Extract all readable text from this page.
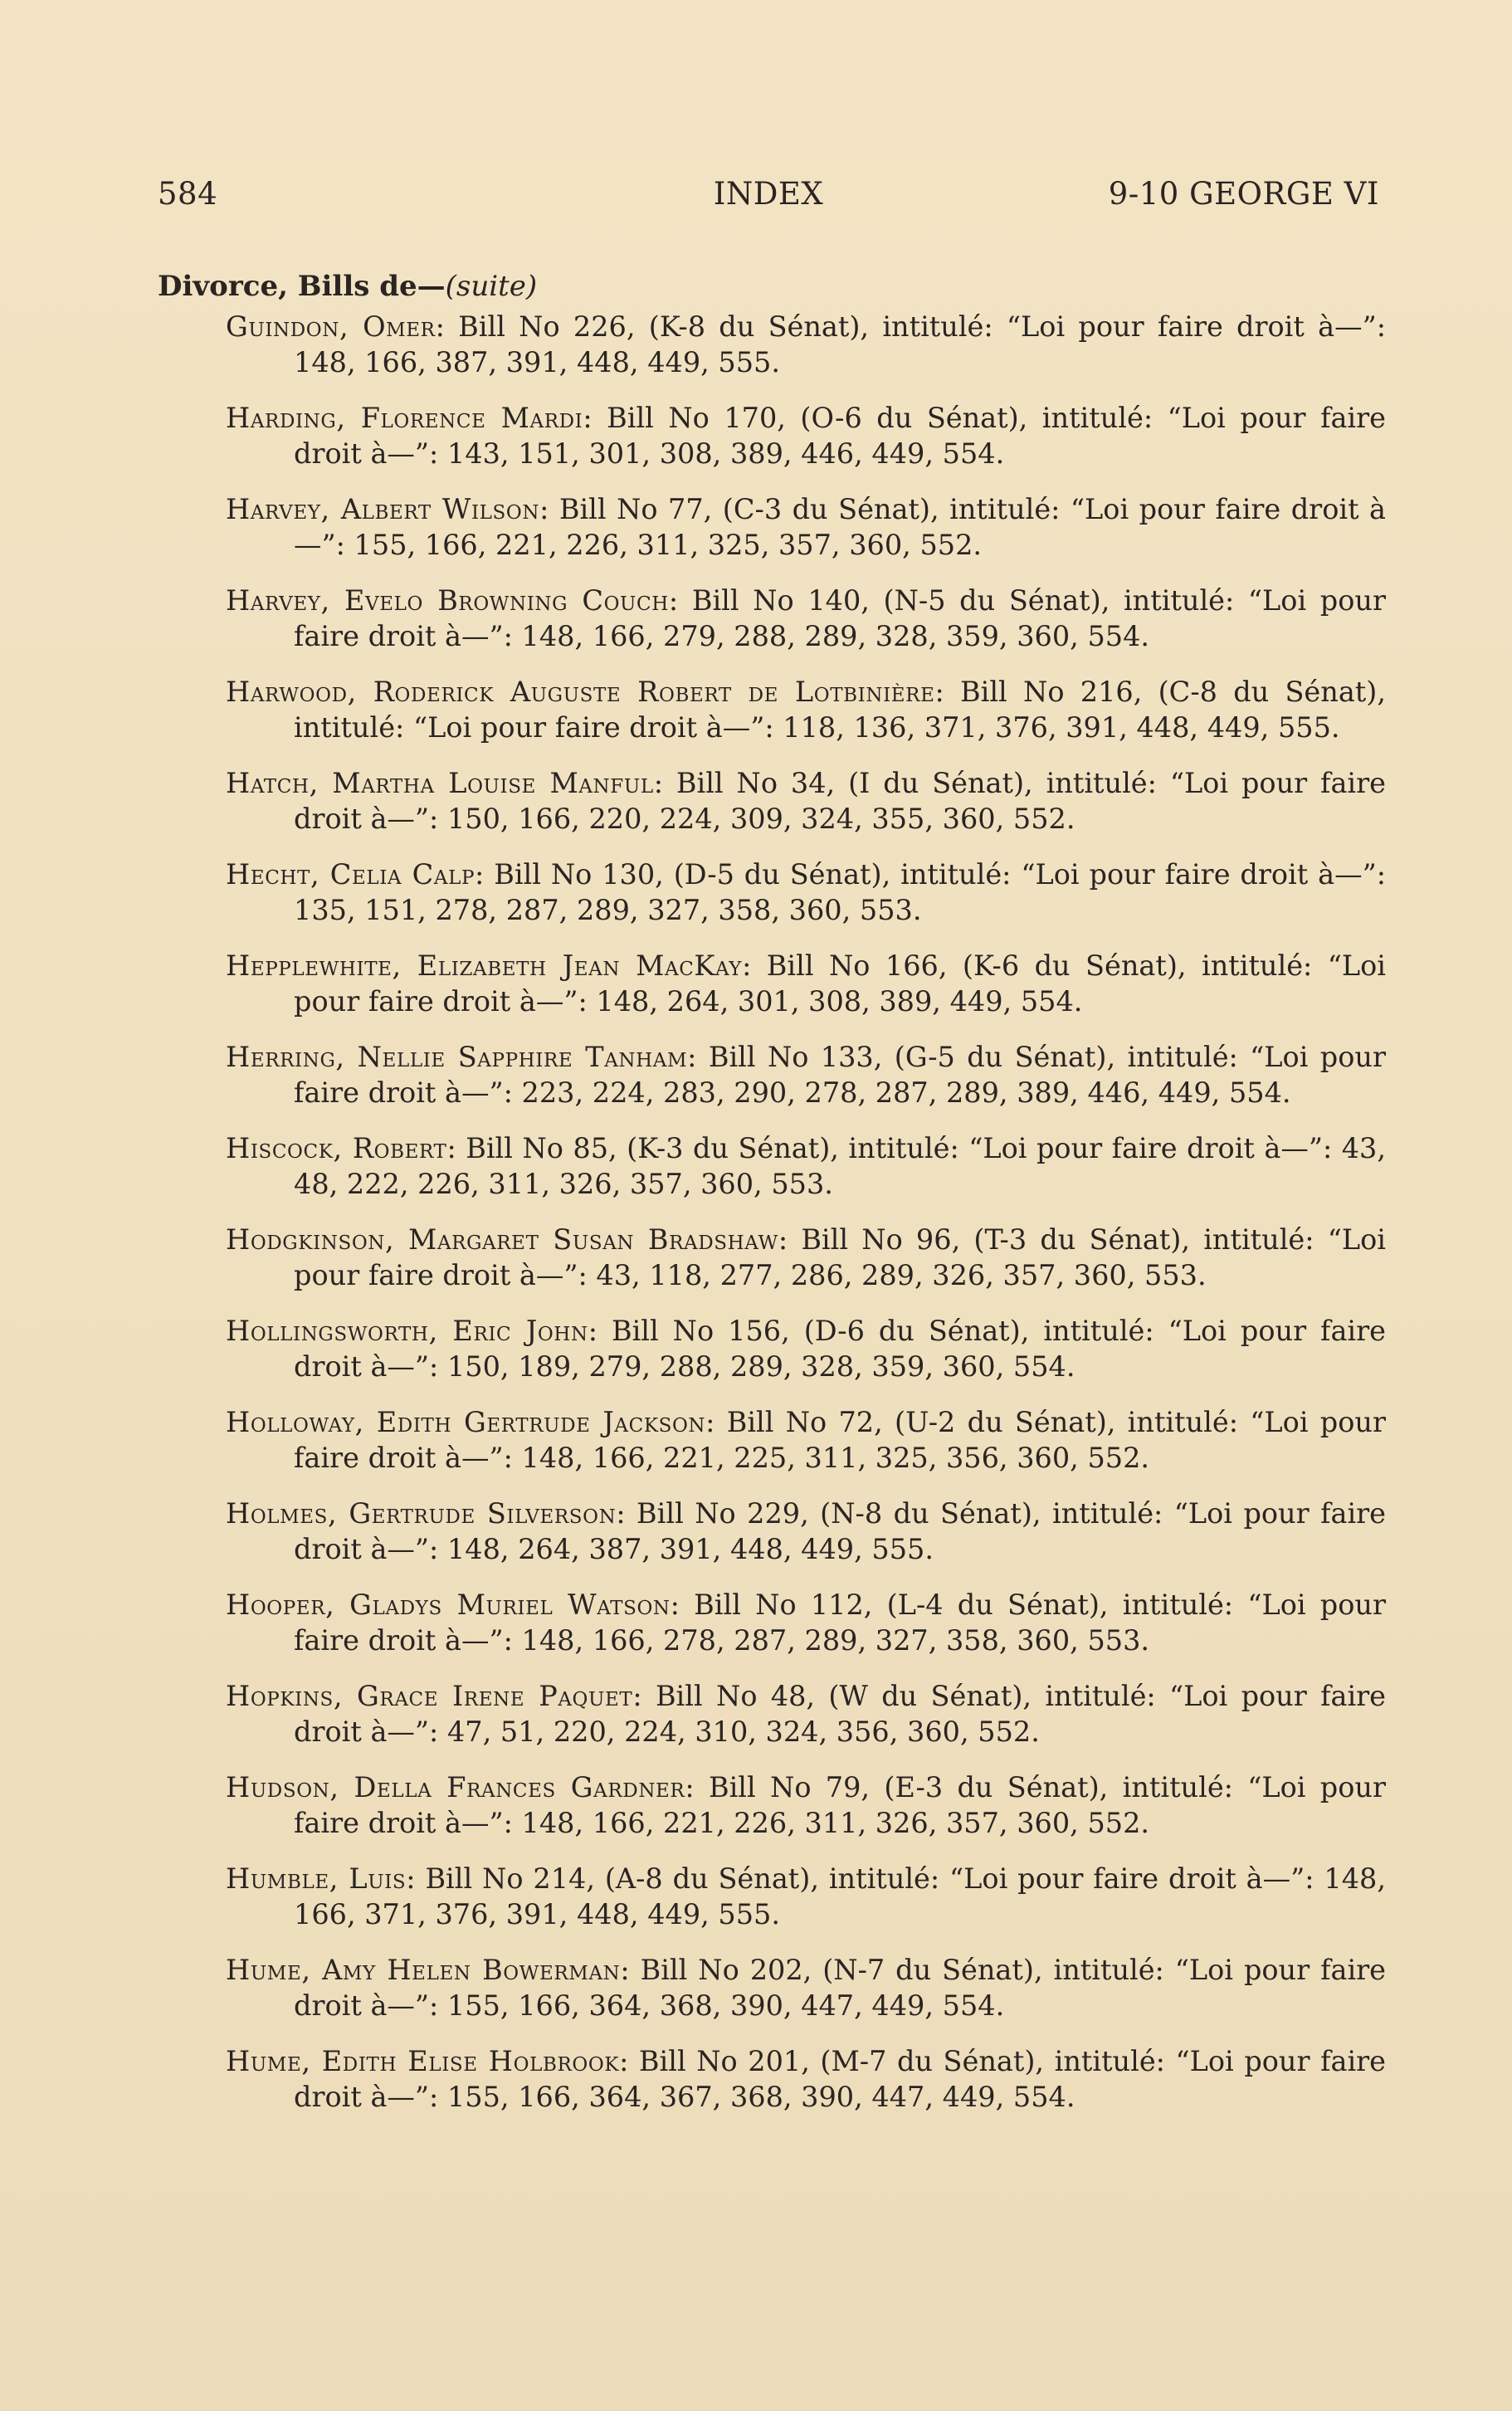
584	INDEX	9-10 GEORGE VI
Divorce, Bills de—(suite)
Guindon, Omer: Bill No 226, (K-8 du Sénat), intitulé: “Loi pour faire droit à—”: 148, 166, 387, 391, 448, 449, 555.
Harding, Florence Mardi: Bill No 170, (O-6 du Sénat), intitulé: “Loi pour faire droit à—”: 143, 151, 301, 308, 389, 446, 449, 554.
Harvey, Albert Wilson: Bill No 77, (C-3 du Sénat), intitulé: “Loi pour faire droit à—”: 155, 166, 221, 226, 311, 325, 357, 360, 552.
Harvey, Evelo Browning Couch: Bill No 140, (N-5 du Sénat), intitulé: “Loi pour faire droit à—”: 148, 166, 279, 288, 289, 328, 359, 360, 554.
Harwood, Roderick Auguste Robert de Lotbinière: Bill No 216, (C-8 du Sénat), intitulé: “Loi pour faire droit à—”: 118, 136, 371, 376, 391, 448, 449, 555.
Hatch, Martha Louise Manful: Bill No 34, (I du Sénat), intitulé: “Loi pour faire droit à—”: 150, 166, 220, 224, 309, 324, 355, 360, 552.
Hecht, Celia Calp: Bill No 130, (D-5 du Sénat), intitulé: “Loi pour faire droit à—”: 135, 151, 278, 287, 289, 327, 358, 360, 553.
Hepplewhite, Elizabeth Jean MacKay: Bill No 166, (K-6 du Sénat), intitulé: “Loi pour faire droit à—”: 148, 264, 301, 308, 389, 449, 554.
Herring, Nellie Sapphire Tanham: Bill No 133, (G-5 du Sénat), intitulé: “Loi pour faire droit à—”: 223, 224, 283, 290, 278, 287, 289, 389, 446, 449, 554.
Hiscock, Robert: Bill No 85, (K-3 du Sénat), intitulé: “Loi pour faire droit à—”: 43, 48, 222, 226, 311, 326, 357, 360, 553.
Hodgkinson, Margaret Susan Bradshaw: Bill No 96, (T-3 du Sénat), intitulé: “Loi pour faire droit à—”: 43, 118, 277, 286, 289, 326, 357, 360, 553.
Hollingsworth, Eric John: Bill No 156, (D-6 du Sénat), intitulé: “Loi pour faire droit à—”: 150, 189, 279, 288, 289, 328, 359, 360, 554.
Holloway, Edith Gertrude Jackson: Bill No 72, (U-2 du Sénat), intitulé: “Loi pour faire droit à—”: 148, 166, 221, 225, 311, 325, 356, 360, 552.
Holmes, Gertrude Silverson: Bill No 229, (N-8 du Sénat), intitulé: “Loi pour faire droit à—”: 148, 264, 387, 391, 448, 449, 555.
Hooper, Gladys Muriel Watson: Bill No 112, (L-4 du Sénat), intitulé: “Loi pour faire droit à—”: 148, 166, 278, 287, 289, 327, 358, 360, 553.
Hopkins, Grace Irene Paquet: Bill No 48, (W du Sénat), intitulé: “Loi pour faire droit à—”: 47, 51, 220, 224, 310, 324, 356, 360, 552.
Hudson, Della Frances Gardner: Bill No 79, (E-3 du Sénat), intitulé: “Loi pour faire droit à—”: 148, 166, 221, 226, 311, 326, 357, 360, 552.
Humble, Luis: Bill No 214, (A-8 du Sénat), intitulé: “Loi pour faire droit à—”: 148, 166, 371, 376, 391, 448, 449, 555.
Hume, Amy Helen Bowerman: Bill No 202, (N-7 du Sénat), intitulé: “Loi pour faire droit à—”: 155, 166, 364, 368, 390, 447, 449, 554.
Hume, Edith Elise Holbrook: Bill No 201, (M-7 du Sénat), intitulé: “Loi pour faire droit à—”: 155, 166, 364, 367, 368, 390, 447, 449, 554.
